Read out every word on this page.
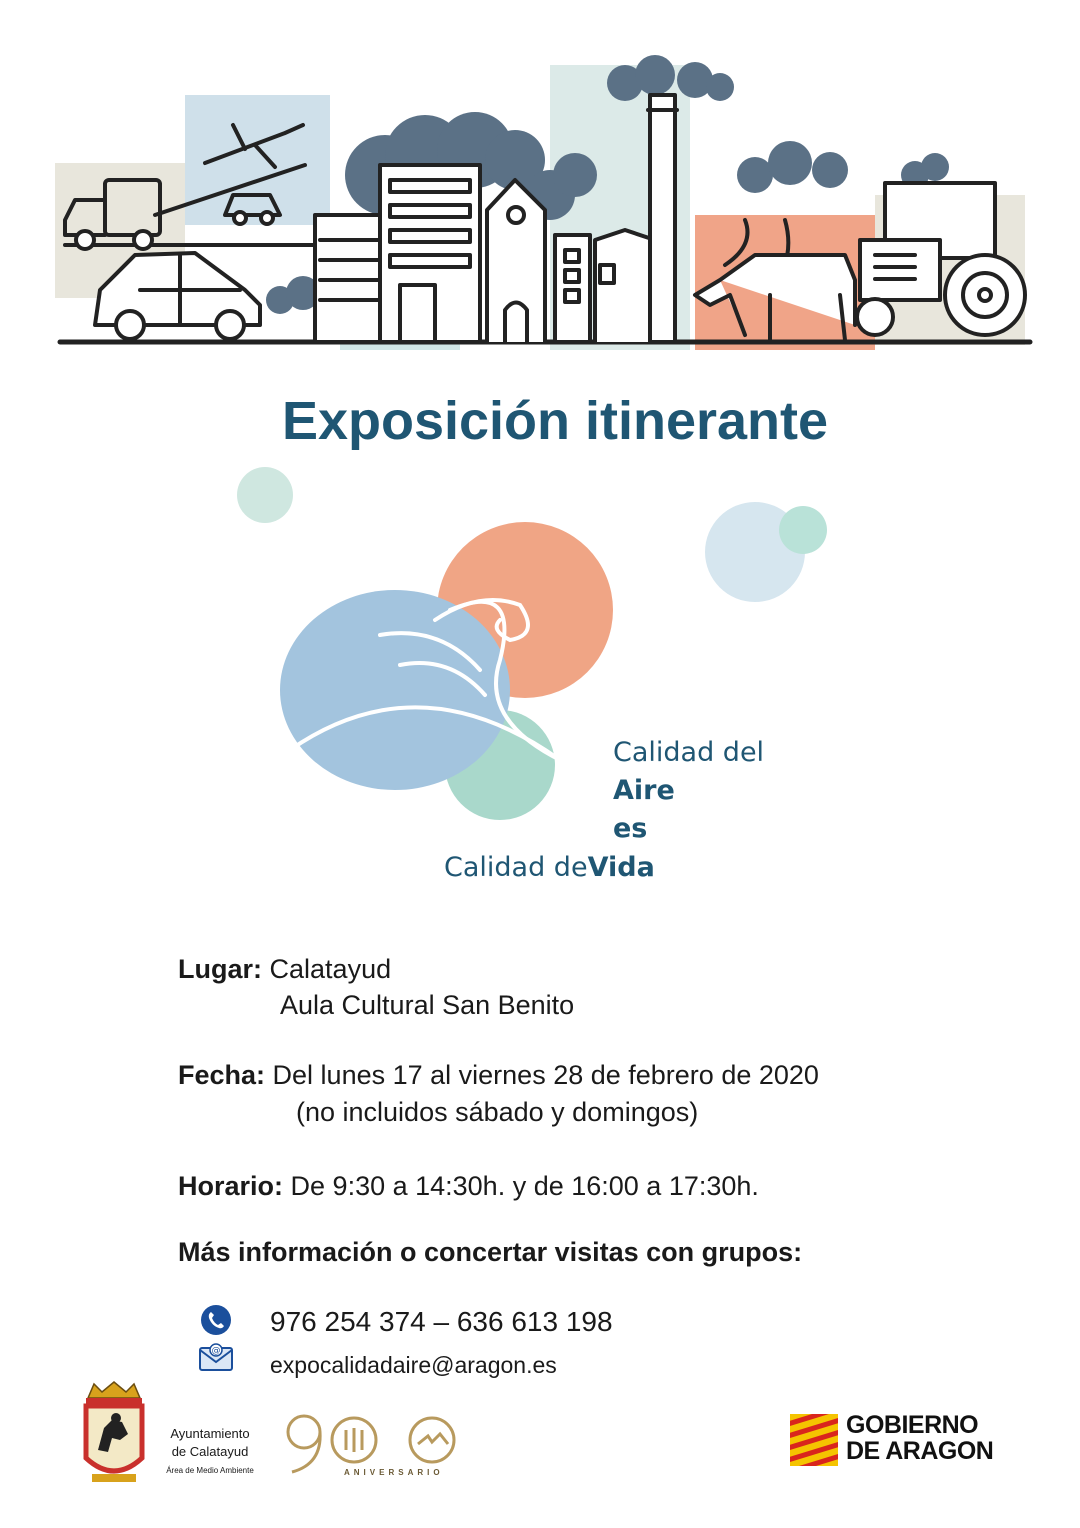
Exposición itinerante
Calidad del
Aire
es
Calidad deVida
Lugar: Calatayud
Aula Cultural San Benito
Fecha: Del lunes 17 al viernes 28 de febrero de 2020
(no incluidos sábado y domingos)
Horario: De 9:30 a 14:30h. y de 16:00 a 17:30h.
Más información o concertar visitas con grupos:
976 254 374 – 636 613 198
@
expocalidadaire@aragon.es
Ayuntamiento
de Calatayud
Área de Medio Ambiente	ANIVERSARIO
GOBIERNO
DE ARAGON
